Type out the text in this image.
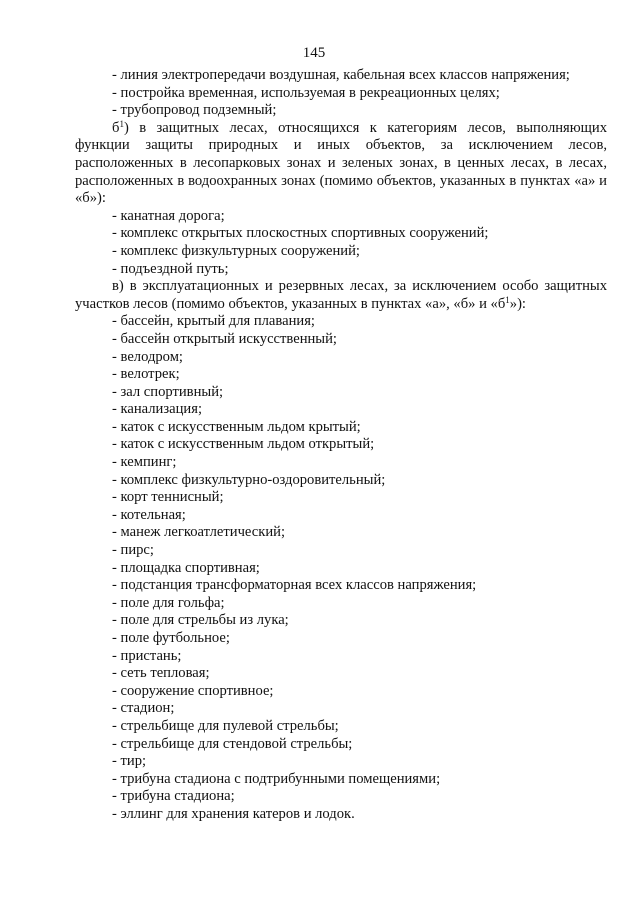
145

- линия электропередачи воздушная, кабельная всех классов напряжения;

- постройка временная, используемая в рекреационных целях;

- трубопровод подземный;

$б^1$) в защитных лесах, относящихся к категориям лесов, выполняющих функции защиты природных и иных объектов, за исключением лесов, расположенных в лесопарковых зонах и зеленых зонах, в ценных лесах, в лесах, расположенных в водоохранных зонах (помимо объектов, указанных в пунктах «а» и «б»):

- канатная дорога;

- комплекс открытых плоскостных спортивных сооружений;

- комплекс физкультурных сооружений;

- подъездной путь;

в) в эксплуатационных и резервных лесах, за исключением особо защитных участков лесов (помимо объектов, указанных в пунктах «а», «б» и «$б^1$»):

- бассейн, крытый для плавания;

- бассейн открытый искусственный;

- велодром;

- велотрек;

- зал спортивный;

- канализация;

- каток с искусственным льдом крытый;

- каток с искусственным льдом открытый;

- кемпинг;

- комплекс физкультурно-оздоровительный;

- корт теннисный;

- котельная;

- манеж легкоатлетический;

- пирс;

- площадка спортивная;

- подстанция трансформаторная всех классов напряжения;

- поле для гольфа;

- поле для стрельбы из лука;

- поле футбольное;

- пристань;

- сеть тепловая;

- сооружение спортивное;

- стадион;

- стрельбище для пулевой стрельбы;

- стрельбище для стендовой стрельбы;

- тир;

- трибуна стадиона с подтрибунными помещениями;

- трибуна стадиона;

- эллинг для хранения катеров и лодок.
